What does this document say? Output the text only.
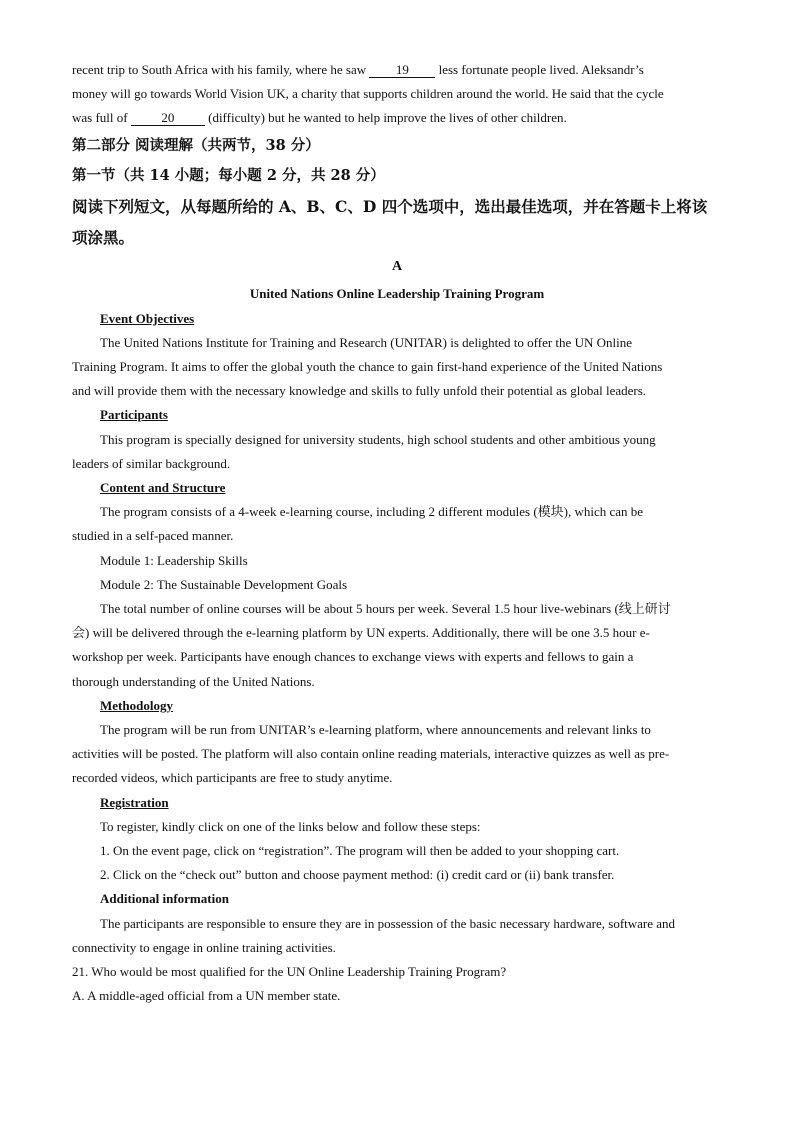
recent trip to South Africa with his family, where he saw 19 less fortunate people lived. Aleksandr’s
money will go towards World Vision UK, a charity that supports children around the world. He said that the cycle
was full of	20	(difficulty) but he wanted to help improve the lives of other children.
第二部分 阅读理解（共两节，38 分）
第一节（共 14 小题；每小题 2 分，共 28 分）
阅读下列短文，从每题所给的 A、B、C、D 四个选项中，选出最佳选项，并在答题卡上将该
项涂黑。
A
United Nations Online Leadership Training Program
Event Objectives
The United Nations Institute for Training and Research (UNITAR) is delighted to offer the UN Online
Training Program. It aims to offer the global youth the chance to gain first-hand experience of the United Nations
and will provide them with the necessary knowledge and skills to fully unfold their potential as global leaders.
Participants
This program is specially designed for university students, high school students and other ambitious young
leaders of similar background.
Content and Structure
The program consists of a 4-week e-learning course, including 2 different modules (模块), which can be
studied in a self-paced manner.
Module 1: Leadership Skills
Module 2: The Sustainable Development Goals
The total number of online courses will be about 5 hours per week. Several 1.5 hour live-webinars (线上研讨
会) will be delivered through the e-learning platform by UN experts. Additionally, there will be one 3.5 hour e-
workshop per week. Participants have enough chances to exchange views with experts and fellows to gain a
thorough understanding of the United Nations.
Methodology
The program will be run from UNITAR’s e-learning platform, where announcements and relevant links to
activities will be posted. The platform will also contain online reading materials, interactive quizzes as well as pre-
recorded videos, which participants are free to study anytime.
Registration
To register, kindly click on one of the links below and follow these steps:
1. On the event page, click on “registration”. The program will then be added to your shopping cart.
2. Click on the “check out” button and choose payment method: (i) credit card or (ii) bank transfer.
Additional information
The participants are responsible to ensure they are in possession of the basic necessary hardware, software and
connectivity to engage in online training activities.
21. Who would be most qualified for the UN Online Leadership Training Program?
A. A middle-aged official from a UN member state.
